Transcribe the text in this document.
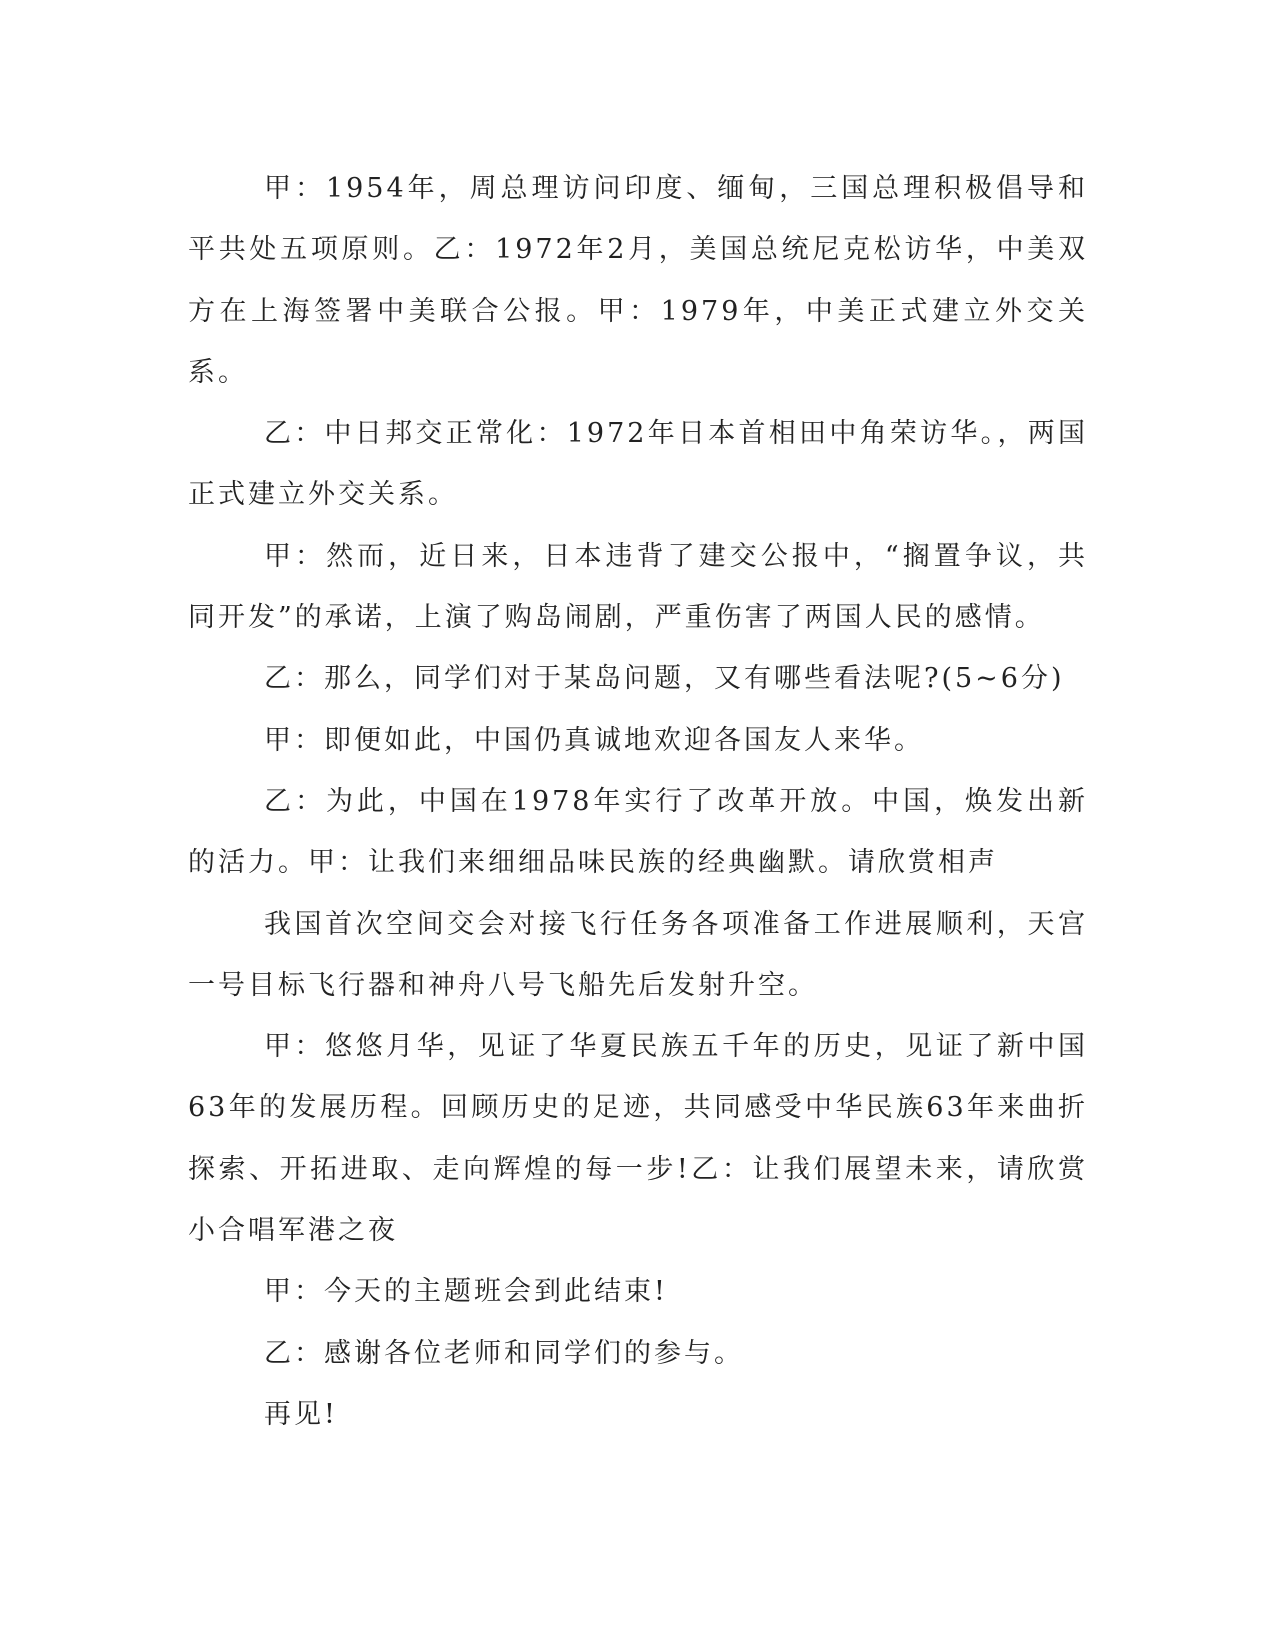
甲：1954年，周总理访问印度、缅甸，三国总理积极倡导和平共处五项原则。乙：1972年2月，美国总统尼克松访华，中美双方在上海签署中美联合公报。甲：1979年，中美正式建立外交关系。

乙：中日邦交正常化：1972年日本首相田中角荣访华。，两国正式建立外交关系。

甲：然而，近日来，日本违背了建交公报中，“搁置争议，共同开发”的承诺，上演了购岛闹剧，严重伤害了两国人民的感情。

乙：那么，同学们对于某岛问题，又有哪些看法呢?(5~6分)

甲：即便如此，中国仍真诚地欢迎各国友人来华。

乙：为此，中国在1978年实行了改革开放。中国，焕发出新的活力。甲：让我们来细细品味民族的经典幽默。请欣赏相声

我国首次空间交会对接飞行任务各项准备工作进展顺利，天宫一号目标飞行器和神舟八号飞船先后发射升空。

甲：悠悠月华，见证了华夏民族五千年的历史，见证了新中国63年的发展历程。回顾历史的足迹，共同感受中华民族63年来曲折探索、开拓进取、走向辉煌的每一步!乙：让我们展望未来，请欣赏小合唱军港之夜

甲：今天的主题班会到此结束!

乙：感谢各位老师和同学们的参与。

再见!
